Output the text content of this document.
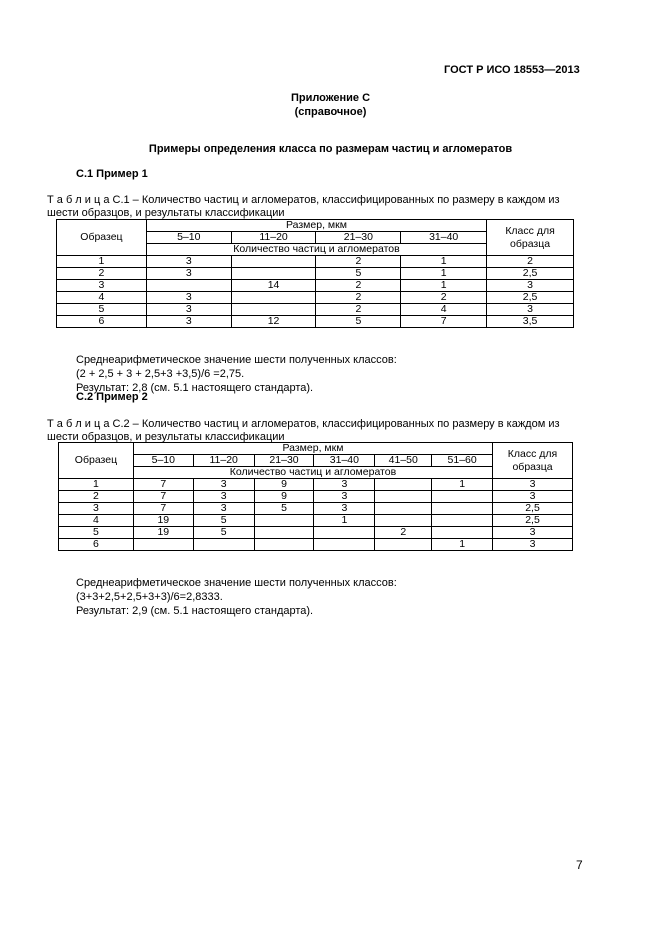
ГОСТ Р ИСО 18553—2013
Приложение С
(справочное)
Примеры определения класса по размерам частиц и агломератов
С.1 Пример 1
Т а б л и ц а С.1 – Количество частиц и агломератов, классифицированных по размеру в каждом из
шести образцов, и результаты классификации
Образец	Размер, мкм				Класс для образца
	5–10	11–20	21–30	31–40	
	Количество частиц и агломератов				
1	3		2	1	2
2	3		5	1	2,5
3		14	2	1	3
4	3		2	2	2,5
5	3		2	4	3
6	3	12	5	7	3,5
Среднеарифметическое значение шести полученных классов:
(2 + 2,5 + 3 + 2,5+3 +3,5)/6 =2,75.
Результат: 2,8 (см. 5.1 настоящего стандарта).
С.2 Пример 2
Т а б л и ц а С.2 – Количество частиц и агломератов, классифицированных по размеру в каждом из
шести образцов, и результаты классификации
Образец	Размер, мкм						Класс для образца
	5–10	11–20	21–30	31–40	41–50	51–60	
	Количество частиц и агломератов						
1	7	3	9	3		1	3
2	7	3	9	3			3
3	7	3	5	3			2,5
4	19	5		1			2,5
5	19	5			2		3
6						1	3
Среднеарифметическое значение шести полученных классов:
(3+3+2,5+2,5+3+3)/6=2,8333.
Результат: 2,9 (см. 5.1 настоящего стандарта).
7
